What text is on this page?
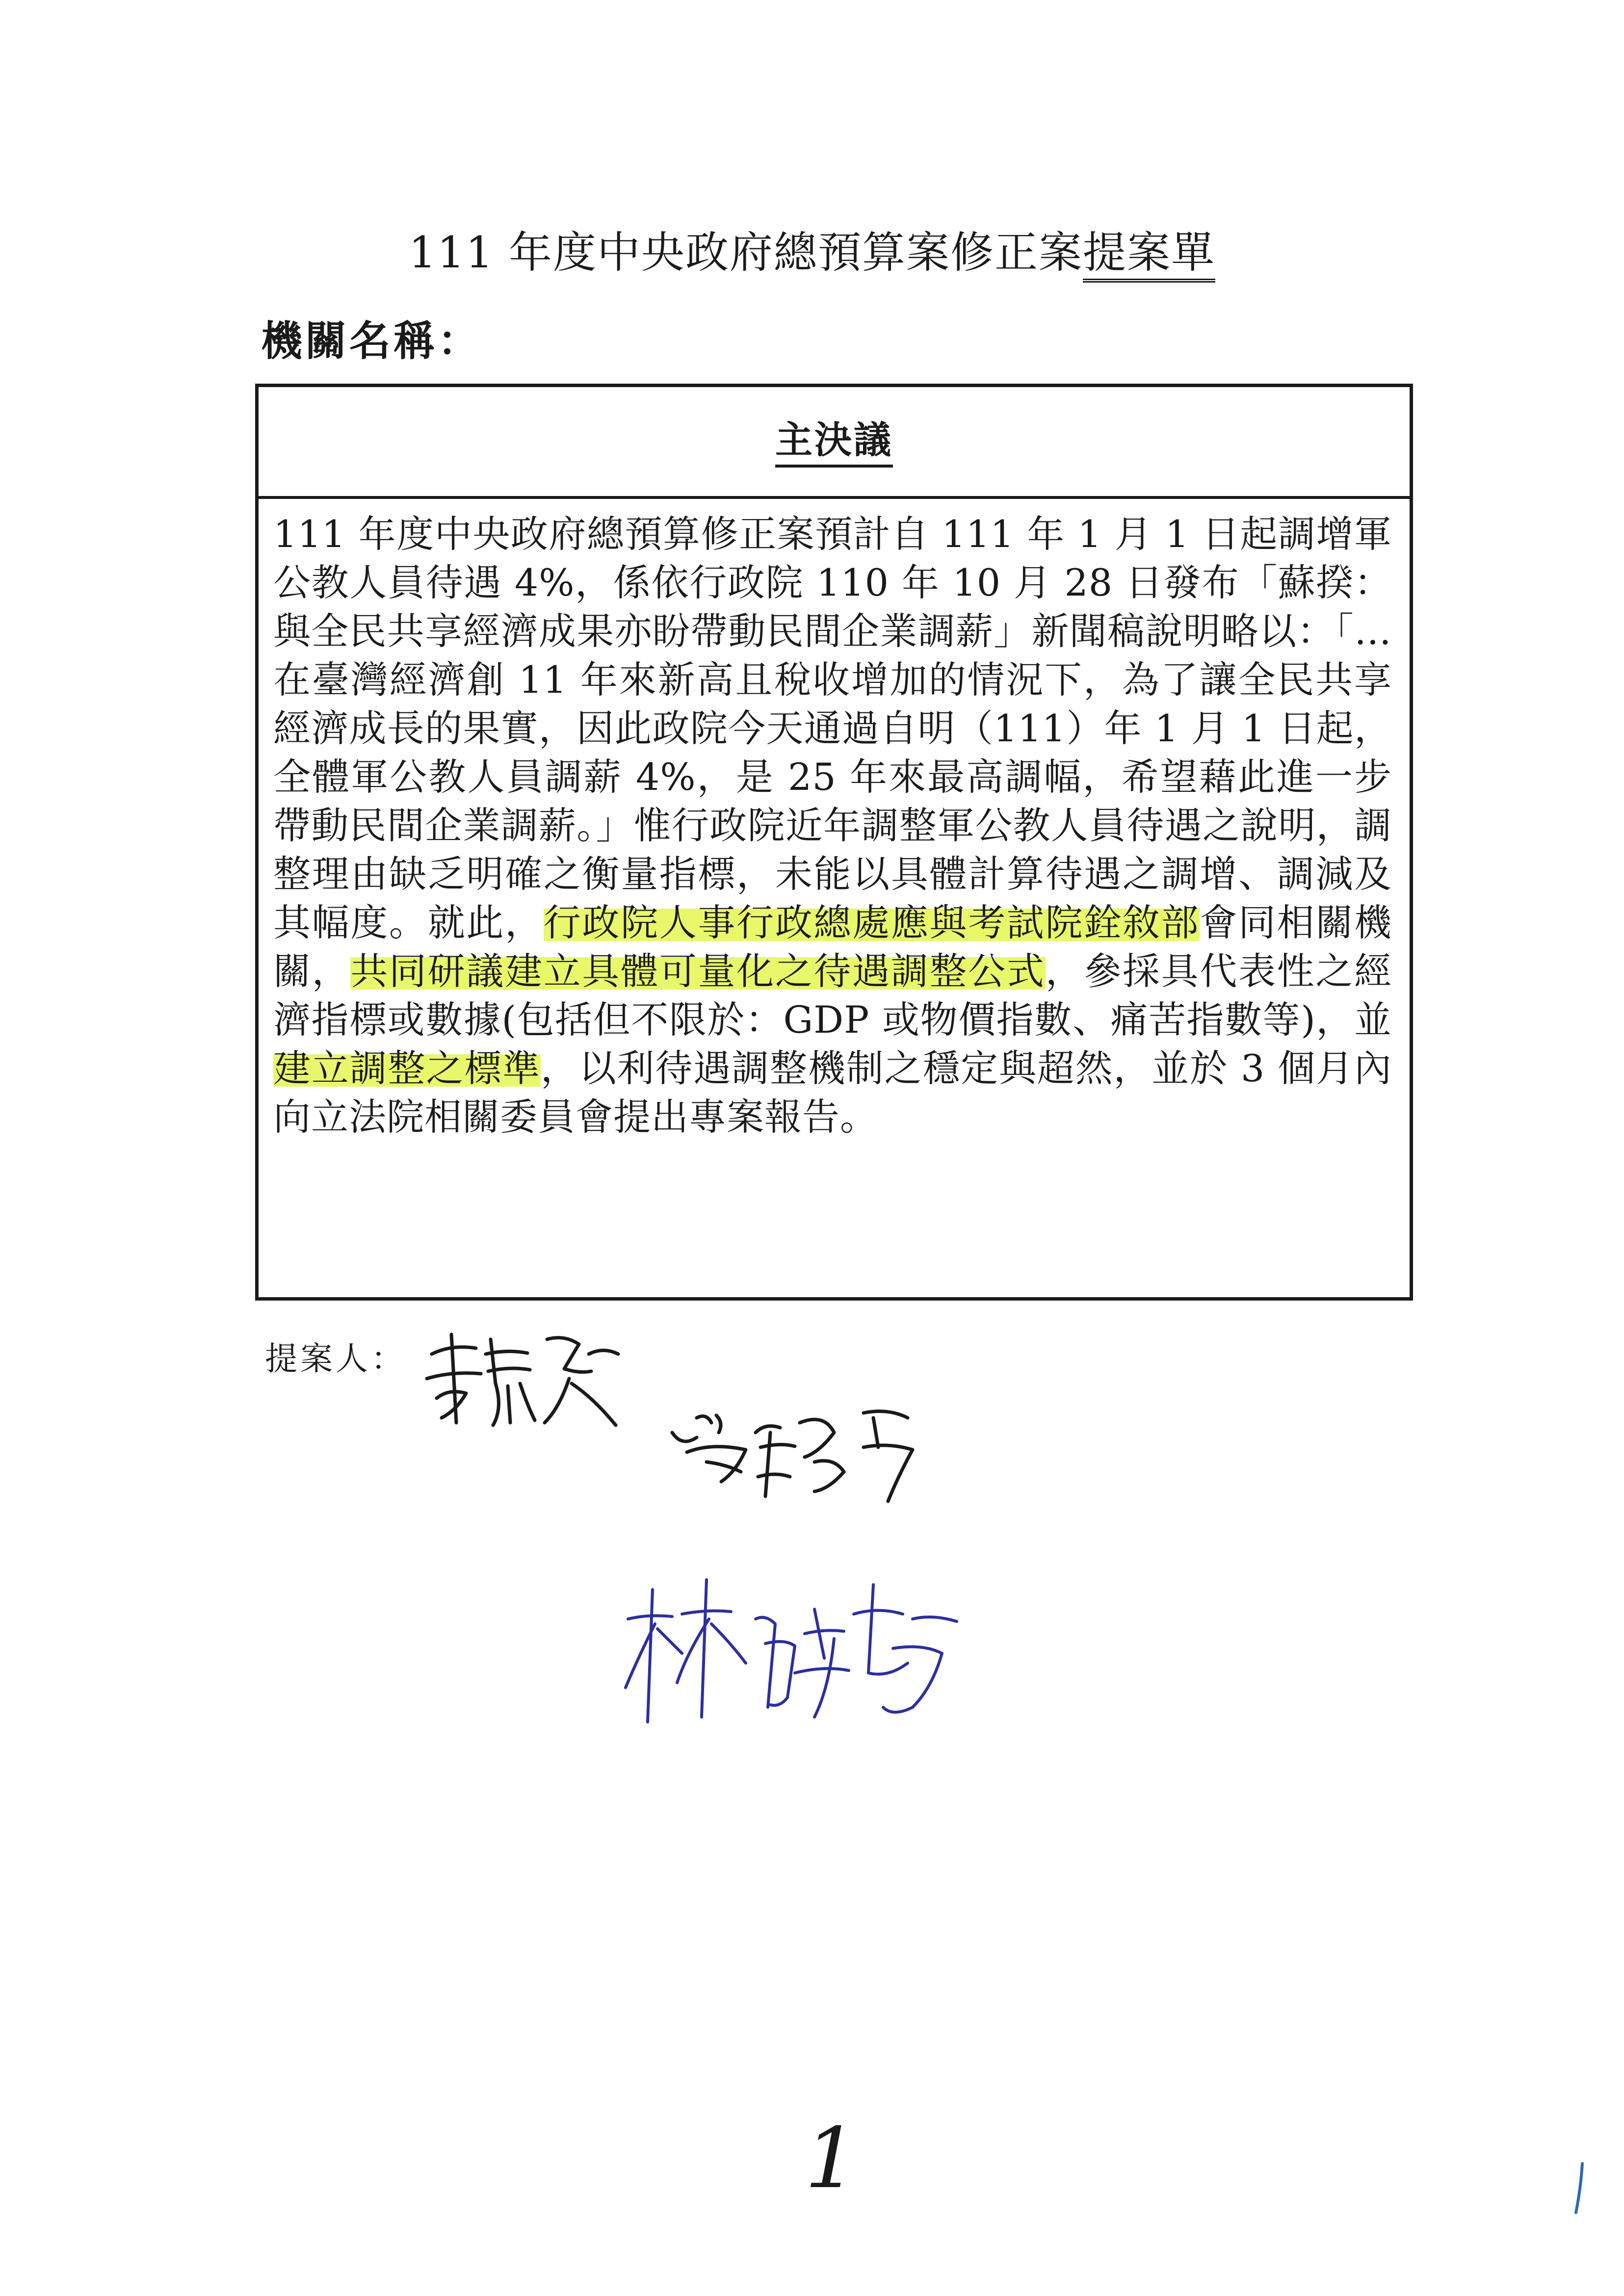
111 年度中央政府總預算案修正案提案單
機關名稱：
主決議
111 年度中央政府總預算修正案預計自 111 年 1 月 1 日起調增軍公教人員待遇 4%，係依行政院 110 年 10 月 28 日發布「蘇揆：與全民共享經濟成果亦盼帶動民間企業調薪」新聞稿說明略以：「…在臺灣經濟創 11 年來新高且稅收增加的情況下，為了讓全民共享經濟成長的果實，因此政院今天通過自明（111）年 1 月 1 日起，全體軍公教人員調薪 4%，是 25 年來最高調幅，希望藉此進一步帶動民間企業調薪。」惟行政院近年調整軍公教人員待遇之說明，調整理由缺乏明確之衡量指標，未能以具體計算待遇之調增、調減及其幅度。就此，行政院人事行政總處應與考試院銓敘部會同相關機關，共同研議建立具體可量化之待遇調整公式，參採具代表性之經濟指標或數據(包括但不限於：GDP 或物價指數、痛苦指數等)，並建立調整之標準，以利待遇調整機制之穩定與超然，並於 3 個月內向立法院相關委員會提出專案報告。
提案人：
1
